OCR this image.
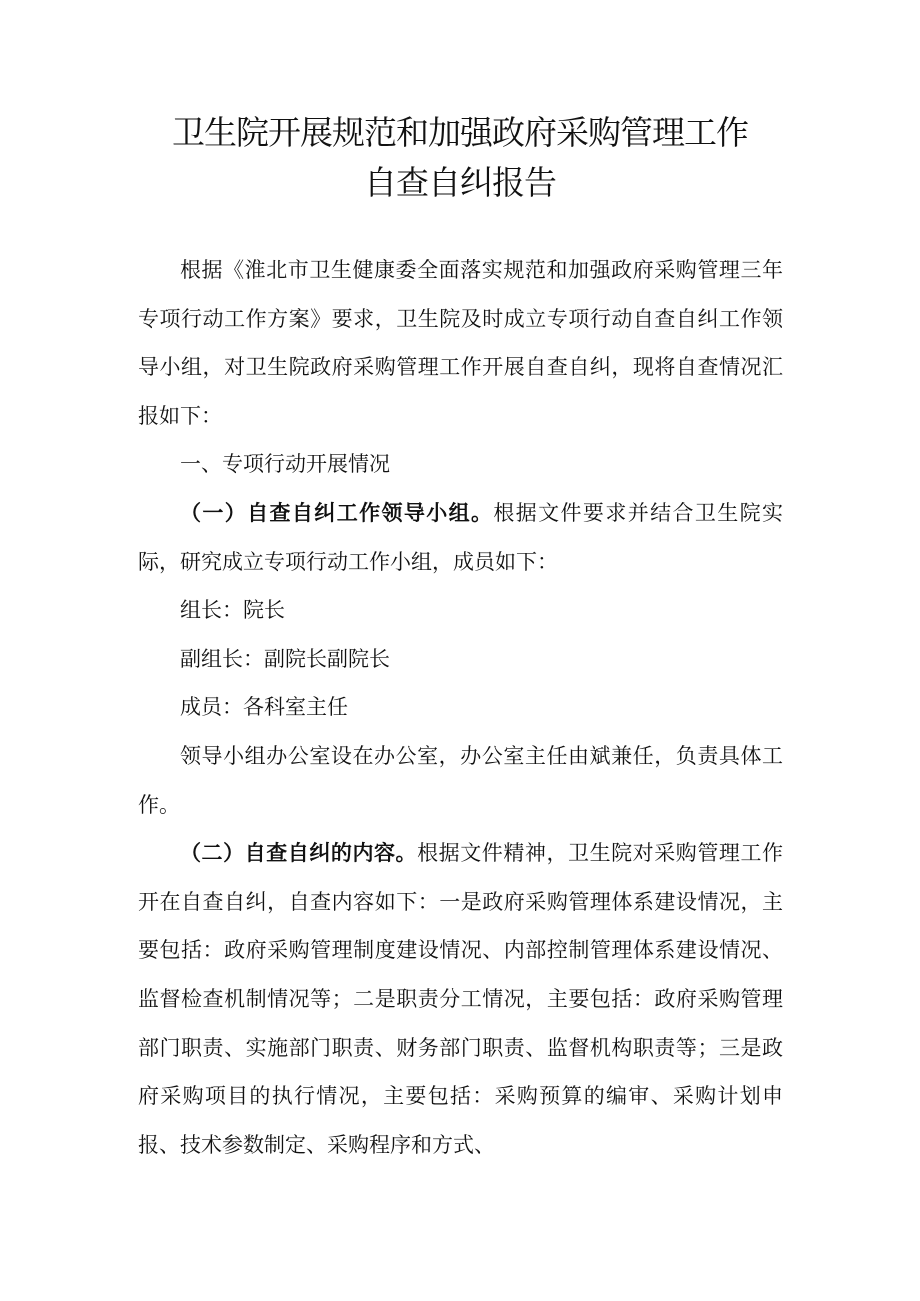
卫生院开展规范和加强政府采购管理工作
自查自纠报告

根据《淮北市卫生健康委全面落实规范和加强政府采购管理三年专项行动工作方案》要求，卫生院及时成立专项行动自查自纠工作领导小组，对卫生院政府采购管理工作开展自查自纠，现将自查情况汇报如下：

一、专项行动开展情况

（一）自查自纠工作领导小组。根据文件要求并结合卫生院实际，研究成立专项行动工作小组，成员如下：

组长：院长

副组长：副院长副院长

成员：各科室主任

领导小组办公室设在办公室，办公室主任由斌兼任，负责具体工作。

（二）自查自纠的内容。根据文件精神，卫生院对采购管理工作开在自查自纠，自查内容如下：一是政府采购管理体系建设情况，主要包括：政府采购管理制度建设情况、内部控制管理体系建设情况、监督检查机制情况等；二是职责分工情况，主要包括：政府采购管理部门职责、实施部门职责、财务部门职责、监督机构职责等；三是政府采购项目的执行情况，主要包括：采购预算的编审、采购计划申报、技术参数制定、采购程序和方式、
